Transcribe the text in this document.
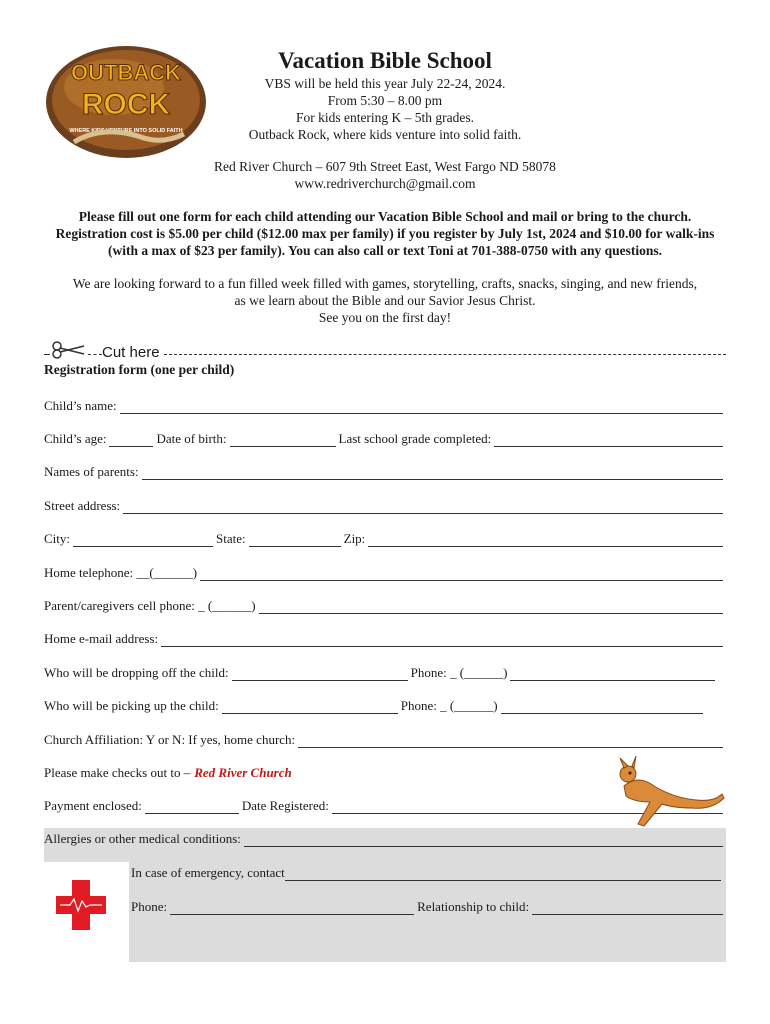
OUTBACK
ROCK
WHERE KIDS VENTURE INTO SOLID FAITH
Vacation Bible School
VBS will be held this year July 22-24, 2024.
From 5:30 – 8.00 pm
For kids entering K – 5th grades.
Outback Rock, where kids venture into solid faith.
Red River Church – 607 9th Street East, West Fargo ND 58078
www.redriverchurch@gmail.com
Please fill out one form for each child attending our Vacation Bible School and mail or bring to the church.
Registration cost is $5.00 per child ($12.00 max per family) if you register by July 1st, 2024 and $10.00 for walk-ins
(with a max of $23 per family). You can also call or text Toni at 701-388-0750 with any questions.
We are looking forward to a fun filled week filled with games, storytelling, crafts, snacks, singing, and new friends,
as we learn about the Bible and our Savior Jesus Christ.
See you on the first day!
Cut here
Registration form (one per child)
Child’s name:
Child’s age:	Date of birth:	Last school grade completed:
Names of parents:
Street address:
City:	State:	Zip:
Home telephone: __(______)
Parent/caregivers cell phone: _ (______)
Home e-mail address:
Who will be dropping off the child:	Phone: _ (______)
Who will be picking up the child:	Phone: _ (______)
Church Affiliation: Y or N: If yes, home church:
Please make checks out to – Red River Church
Payment enclosed:	Date Registered:
Allergies or other medical conditions:
In case of emergency, contact
Phone:	Relationship to child:
